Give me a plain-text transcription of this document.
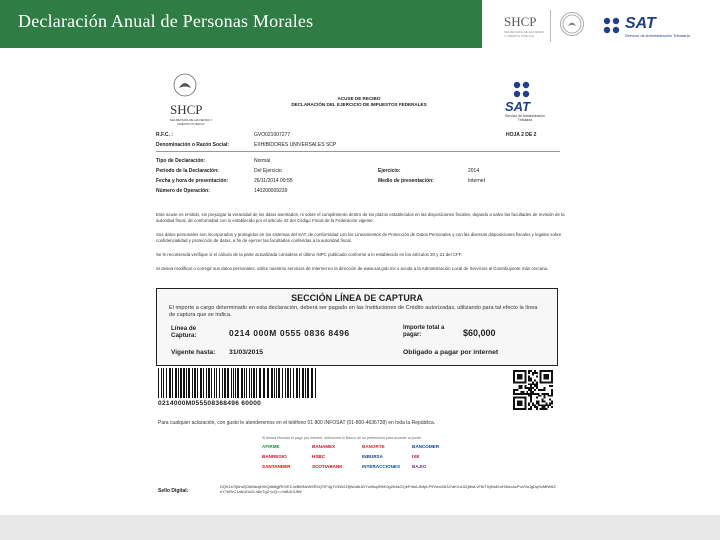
Declaración Anual de Personas Morales	SHCP
SECRETARÍA DE HACIENDA Y CRÉDITO PÚBLICO
SAT
Servicio de Administración Tributaria
SHCP
SECRETARÍA DE HACIENDA Y CRÉDITO PÚBLICO
ACUSE DE RECIBO
DECLARACIÓN DEL EJERCICIO DE IMPUESTOS FEDERALES	SAT
Servicio de Administración Tributaria
R.F.C. :	GVO021007277	HOJA 2 DE 2
Denominación o Razón Social:	EXHIBIDORES UNIVERSALES SCP
Tipo de Declaración:	Normal
Período de la Declaración:	Del Ejercicio	Ejercicio:	2014
Fecha y hora de presentación:	26/11/2014 09:55	Medio de presentación:	Internet
Número de Operación:	140200009239
Este acuse es emitido, sin prejuzgar la veracidad de los datos asentados, ni sobre el cumplimiento dentro de los plazos establecidos en las disposiciones fiscales, dejando a salvo las facultades de revisión de la autoridad fiscal, de conformidad con lo establecido por el artículo 42 del Código Fiscal de la Federación vigente.
Sus datos personales son incorporados y protegidos en los sistemas del SAT, de conformidad con los Lineamientos de Protección de Datos Personales y con las diversas disposiciones fiscales y legales sobre confidencialidad y protección de datos, a fin de ejercer las facultades conferidas a la autoridad fiscal.
Se le recomienda verifique si el cálculo de la parte actualizada considera el último INPC publicado conforme a lo establecido en los artículos 20 y 21 del CFF.
Si desea modificar o corregir sus datos personales, utilice nuestros servicios de Internet en la dirección de www.sat.gob.mx o acuda a la Administración Local de Servicios al Contribuyente más cercana.
SECCIÓN LÍNEA DE CAPTURA
El importe a cargo determinado en esta declaración, deberá ser pagado en las Instituciones de Crédito autorizadas, utilizando para tal efecto la línea de captura que se indica.
Línea de Captura:	0214 000M 0555 0836 8496	Importe total a pagar:	$60,000
Vigente hasta: 31/03/2015	Obligado a pagar por internet
0214000M055508368496 60000
Para cualquier aclaración, con gusto le atenderemos en el teléfono 01 800 INFOSAT (01-800-4636728) en toda la República.
Si desea efectuar el pago por Internet, seleccione el Banco de su preferencia para acceder al portal.
AFIRME	BANAMEX	BANORTE	BANCOMER
BANREGIO	HSBC	INBURSA	IXE
SANTANDER	SCOTIABANK	INTERACCIONES	BAJIO
Sello Digital:
DQK1k7tj5mZjG6MwqHXtQ8h8gjR0VEC/wBMNzW9R4QTtF4g7V3W2ZfjWo6b1DYw9kq3HtE0gZb4sGQeP4toL8hfpLP9Vmc5t1N7aKXdJ2Q8wLvF6rT0yBsEmH3nIcAzPuV9oJgDqSxMfW6ZeY7kRrC1aN4Ou2Lh8vTgZ+pQ==/mBXr3JfW
